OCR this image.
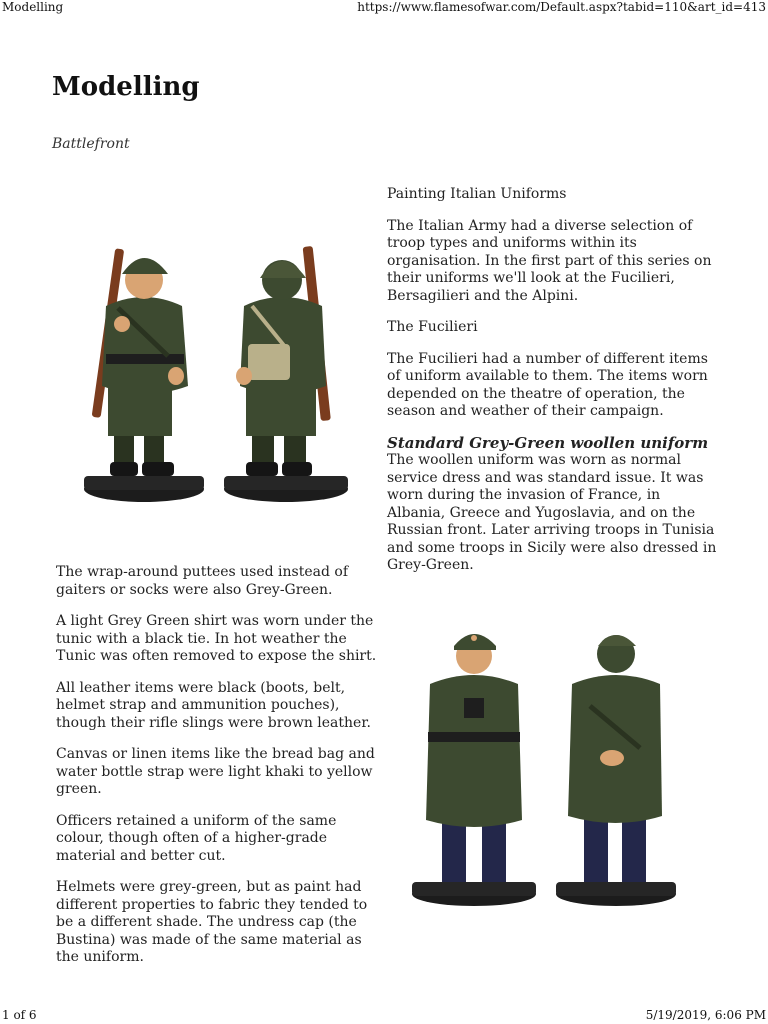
Modelling	https://www.flamesofwar.com/Default.aspx?tabid=110&art_id=413
Modelling
Battlefront

Painting Italian Uniforms

The Italian Army had a diverse selection of troop types and uniforms within its organisation. In the first part of this series on their uniforms we'll look at the Fucilieri, Bersagilieri and the Alpini.

The Fucilieri

The Fucilieri had a number of different items of uniform available to them. The items worn depended on the theatre of operation, the season and weather of their campaign.

Standard Grey-Green woollen uniform

The woollen uniform was worn as normal service dress and was standard issue. It was worn during the invasion of France, in Albania, Greece and Yugoslavia, and on the Russian front. Later arriving troops in Tunisia and some troops in Sicily were also dressed in Grey-Green.

The wrap-around puttees used instead of gaiters or socks were also Grey-Green.

A light Grey Green shirt was worn under the tunic with a black tie. In hot weather the Tunic was often removed to expose the shirt.

All leather items were black (boots, belt, helmet strap and ammunition pouches), though their rifle slings were brown leather.

Canvas or linen items like the bread bag and water bottle strap were light khaki to yellow green.

Officers retained a uniform of the same colour, though often of a higher-grade material and better cut.

Helmets were grey-green, but as paint had different properties to fabric they tended to be a different shade. The undress cap (the Bustina) was made of the same material as the uniform.

1 of 6	5/19/2019, 6:06 PM
